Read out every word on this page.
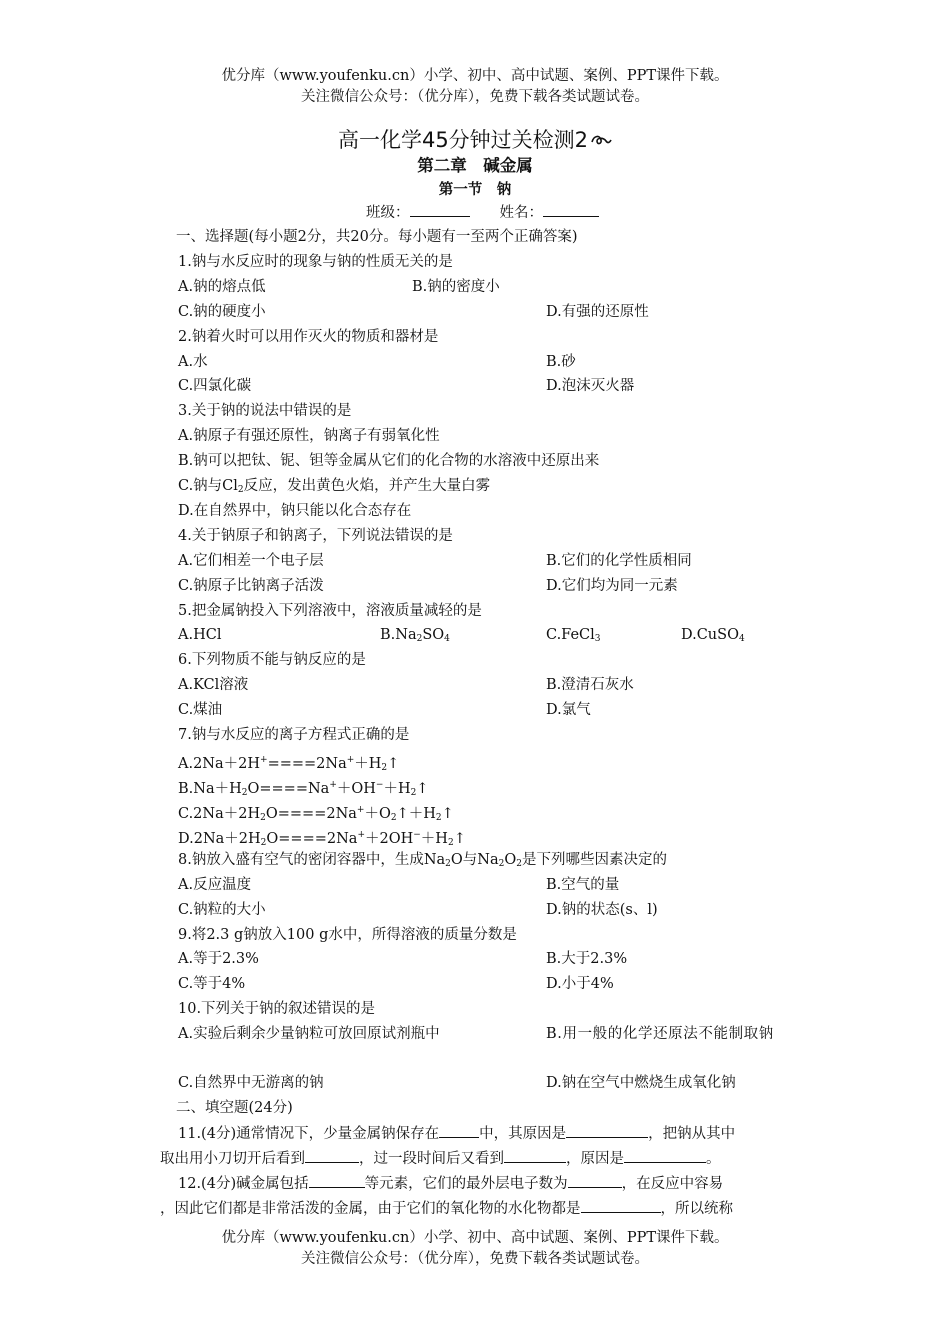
优分库（www.youfenku.cn）小学、初中、高中试题、案例、PPT课件下载。
关注微信公众号：（优分库），免费下载各类试题试卷。
高一化学45分钟过关检测2
第二章　碱金属
第一节　钠
班级：	姓名：
一、选择题(每小题2分，共20分。每小题有一至两个正确答案)
1.钠与水反应时的现象与钠的性质无关的是
A.钠的熔点低	B.钠的密度小
C.钠的硬度小	D.有强的还原性
2.钠着火时可以用作灭火的物质和器材是
A.水	B.砂
C.四氯化碳	D.泡沫灭火器
3.关于钠的说法中错误的是
A.钠原子有强还原性，钠离子有弱氧化性
B.钠可以把钛、铌、钽等金属从它们的化合物的水溶液中还原出来
C.钠与$Cl_2$反应，发出黄色火焰，并产生大量白雾
D.在自然界中，钠只能以化合态存在
4.关于钠原子和钠离子，下列说法错误的是
A.它们相差一个电子层	B.它们的化学性质相同
C.钠原子比钠离子活泼	D.它们均为同一元素
5.把金属钠投入下列溶液中，溶液质量减轻的是
A.HCl	$B.Na_2SO_4$	C.FeCl$_3$	D.CuSO$_4$
6.下列物质不能与钠反应的是
A.KCl溶液	B.澄清石灰水
C.煤油	D.氯气
7.钠与水反应的离子方程式正确的是
$A.2Na+2H^+====2Na^++H_2↑$
$B.Na+H_2O====Na^++OH^-+H_2↑$
$C.2Na+2H_2O====2Na^++O_2↑+H_2↑$
$D.2Na+2H_2O====2Na^++2OH^-+H_2↑$
8.钠放入盛有空气的密闭容器中，生成$Na_2O$与$Na_2O_2$是下列哪些因素决定的
A.反应温度	B.空气的量
C.钠粒的大小	D.钠的状态(s、l)
9.将2.3 g钠放入100 g水中，所得溶液的质量分数是
A.等于2.3%	B.大于2.3%
C.等于4%	D.小于4%
10.下列关于钠的叙述错误的是
A.实验后剩余少量钠粒可放回原试剂瓶中	B.用一般的化学还原法不能制取钠
C.自然界中无游离的钠	D.钠在空气中燃烧生成氧化钠
二、填空题(24分)
11.(4分)通常情况下，少量金属钠保存在	中，其原因是	，把钠从其中
取出用小刀切开后看到	，过一段时间后又看到	，原因是	。
12.(4分)碱金属包括	等元素，它们的最外层电子数为	，在反应中容易
，因此它们都是非常活泼的金属，由于它们的氧化物的水化物都是	，所以统称
优分库（www.youfenku.cn）小学、初中、高中试题、案例、PPT课件下载。
关注微信公众号：（优分库），免费下载各类试题试卷。
